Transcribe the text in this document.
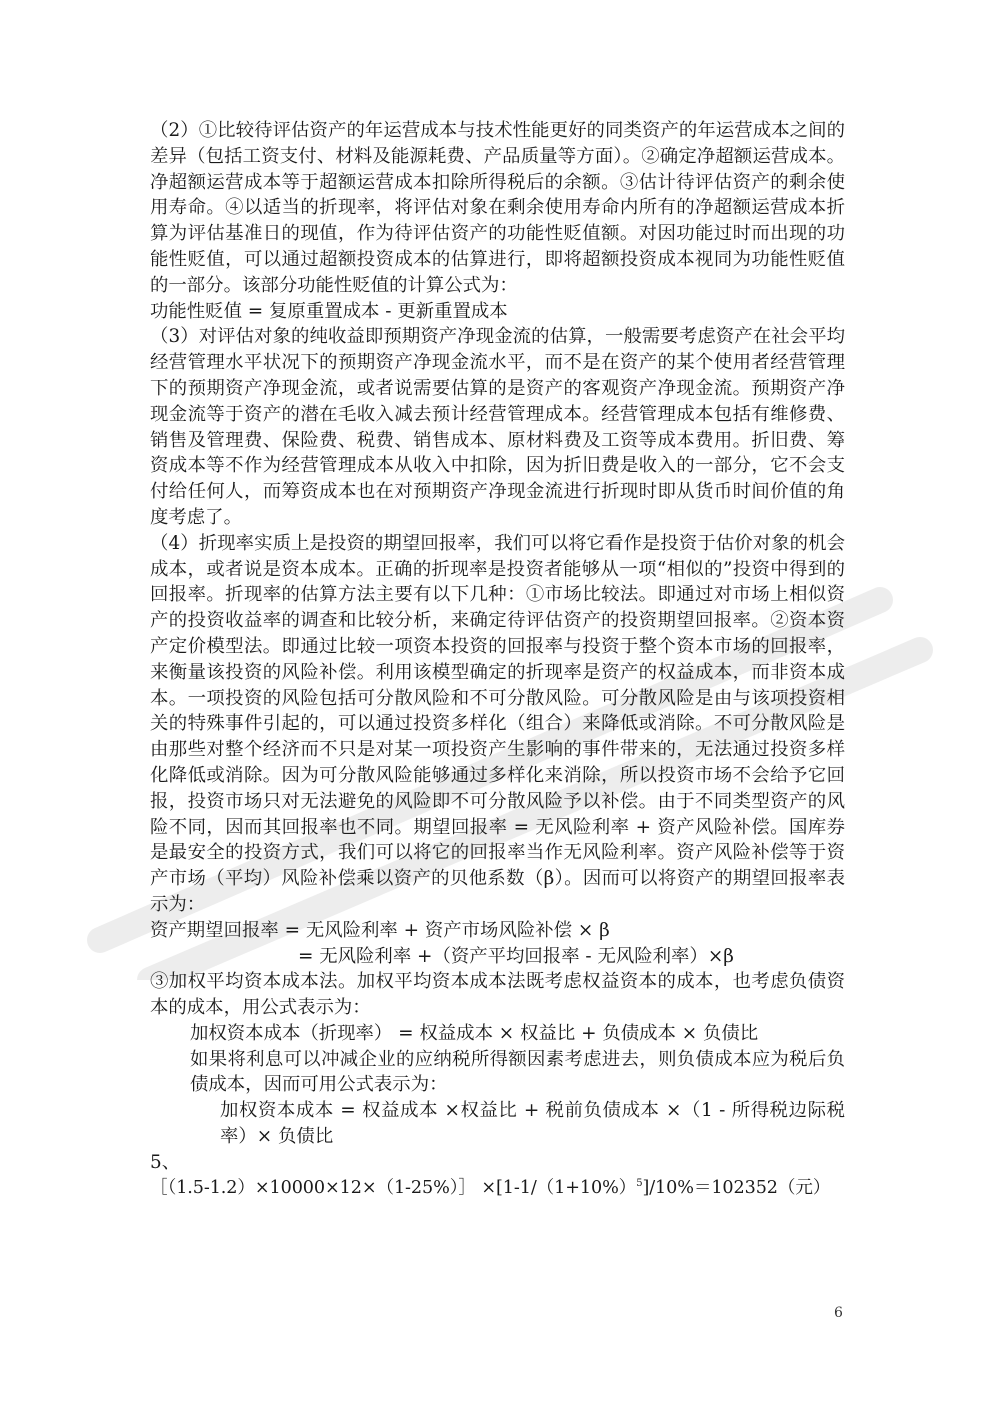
（2）①比较待评估资产的年运营成本与技术性能更好的同类资产的年运营成本之间的差异（包括工资支付、材料及能源耗费、产品质量等方面）。②确定净超额运营成本。净超额运营成本等于超额运营成本扣除所得税后的余额。③估计待评估资产的剩余使用寿命。④以适当的折现率，将评估对象在剩余使用寿命内所有的净超额运营成本折算为评估基准日的现值，作为待评估资产的功能性贬值额。对因功能过时而出现的功能性贬值，可以通过超额投资成本的估算进行，即将超额投资成本视同为功能性贬值的一部分。该部分功能性贬值的计算公式为：

功能性贬值 = 复原重置成本 - 更新重置成本

（3）对评估对象的纯收益即预期资产净现金流的估算，一般需要考虑资产在社会平均经营管理水平状况下的预期资产净现金流水平，而不是在资产的某个使用者经营管理下的预期资产净现金流，或者说需要估算的是资产的客观资产净现金流。预期资产净现金流等于资产的潜在毛收入减去预计经营管理成本。经营管理成本包括有维修费、销售及管理费、保险费、税费、销售成本、原材料费及工资等成本费用。折旧费、筹资成本等不作为经营管理成本从收入中扣除，因为折旧费是收入的一部分，它不会支付给任何人，而筹资成本也在对预期资产净现金流进行折现时即从货币时间价值的角度考虑了。

（4）折现率实质上是投资的期望回报率，我们可以将它看作是投资于估价对象的机会成本，或者说是资本成本。正确的折现率是投资者能够从一项“相似的”投资中得到的回报率。折现率的估算方法主要有以下几种：①市场比较法。即通过对市场上相似资产的投资收益率的调查和比较分析，来确定待评估资产的投资期望回报率。②资本资产定价模型法。即通过比较一项资本投资的回报率与投资于整个资本市场的回报率，来衡量该投资的风险补偿。利用该模型确定的折现率是资产的权益成本，而非资本成本。一项投资的风险包括可分散风险和不可分散风险。可分散风险是由与该项投资相关的特殊事件引起的，可以通过投资多样化（组合）来降低或消除。不可分散风险是由那些对整个经济而不只是对某一项投资产生影响的事件带来的，无法通过投资多样化降低或消除。因为可分散风险能够通过多样化来消除，所以投资市场不会给予它回报，投资市场只对无法避免的风险即不可分散风险予以补偿。由于不同类型资产的风险不同，因而其回报率也不同。期望回报率 = 无风险利率 + 资产风险补偿。国库券是最安全的投资方式，我们可以将它的回报率当作无风险利率。资产风险补偿等于资产市场（平均）风险补偿乘以资产的贝他系数（β）。因而可以将资产的期望回报率表示为：

资产期望回报率 = 无风险利率 + 资产市场风险补偿 × β

= 无风险利率 +（资产平均回报率 - 无风险利率）×β

③加权平均资本成本法。加权平均资本成本法既考虑权益资本的成本，也考虑负债资本的成本，用公式表示为：

加权资本成本（折现率） = 权益成本 × 权益比 + 负债成本 × 负债比

如果将利息可以冲减企业的应纳税所得额因素考虑进去，则负债成本应为税后负债成本，因而可用公式表示为：

加权资本成本 = 权益成本 ×权益比 + 税前负债成本 ×（1 - 所得税边际税率）× 负债比

5、

［（1.5-1.2）×10000×12×（1-25%）］ $\times[1-1/(1+10\%)^5]/10\%=102352$（元）

6
